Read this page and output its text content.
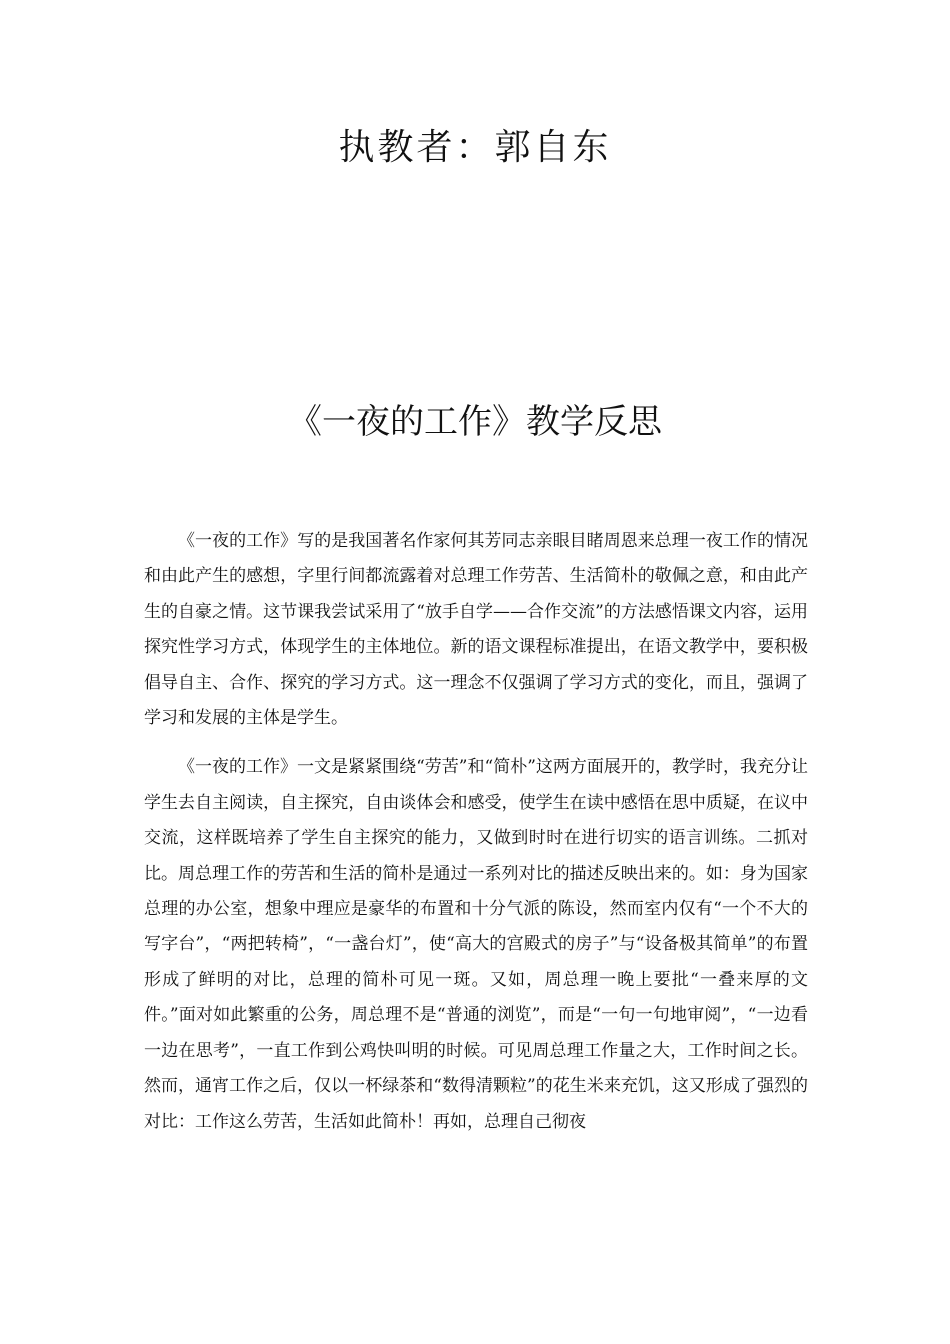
执教者：郭自东
《一夜的工作》教学反思

《一夜的工作》写的是我国著名作家何其芳同志亲眼目睹周恩来总理一夜工作的情况和由此产生的感想，字里行间都流露着对总理工作劳苦、生活简朴的敬佩之意，和由此产生的自豪之情。这节课我尝试采用了“放手自学——合作交流”的方法感悟课文内容，运用探究性学习方式，体现学生的主体地位。新的语文课程标准提出，在语文教学中，要积极倡导自主、合作、探究的学习方式。这一理念不仅强调了学习方式的变化，而且，强调了学习和发展的主体是学生。

《一夜的工作》一文是紧紧围绕“劳苦”和“简朴”这两方面展开的，教学时，我充分让学生去自主阅读，自主探究，自由谈体会和感受，使学生在读中感悟在思中质疑，在议中交流，这样既培养了学生自主探究的能力，又做到时时在进行切实的语言训练。二抓对比。周总理工作的劳苦和生活的简朴是通过一系列对比的描述反映出来的。如：身为国家总理的办公室，想象中理应是豪华的布置和十分气派的陈设，然而室内仅有“一个不大的写字台”，“两把转椅”，“一盏台灯”，使“高大的宫殿式的房子”与“设备极其简单”的布置形成了鲜明的对比，总理的简朴可见一斑。又如，周总理一晚上要批“一叠来厚的文件。”面对如此繁重的公务，周总理不是“普通的浏览”，而是“一句一句地审阅”，“一边看一边在思考”，一直工作到公鸡快叫明的时候。可见周总理工作量之大，工作时间之长。然而，通宵工作之后，仅以一杯绿茶和“数得清颗粒”的花生米来充饥，这又形成了强烈的对比：工作这么劳苦，生活如此简朴！再如，总理自己彻夜
